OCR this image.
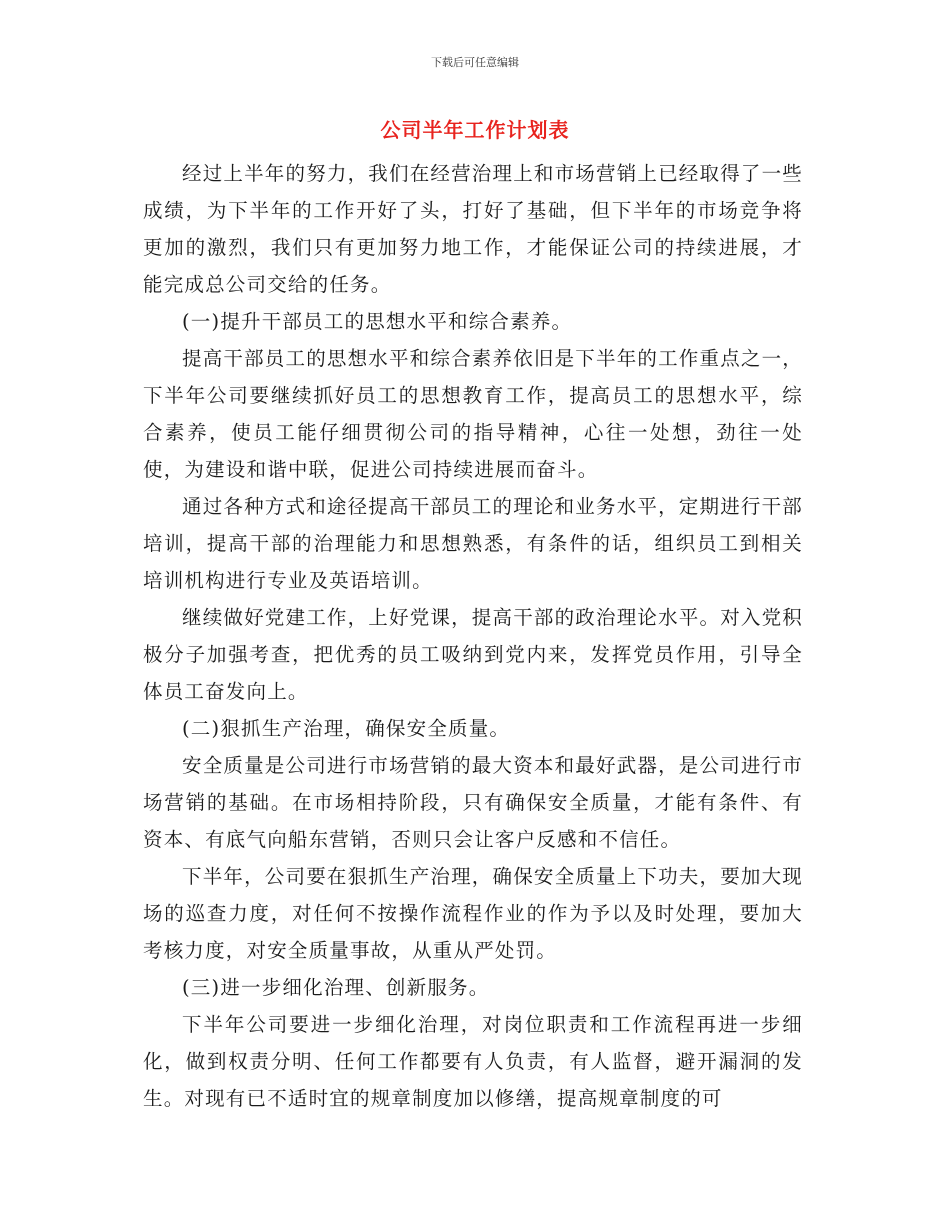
下载后可任意编辑
公司半年工作计划表

经过上半年的努力，我们在经营治理上和市场营销上已经取得了一些成绩，为下半年的工作开好了头，打好了基础，但下半年的市场竞争将更加的激烈，我们只有更加努力地工作，才能保证公司的持续进展，才能完成总公司交给的任务。

(一)提升干部员工的思想水平和综合素养。

提高干部员工的思想水平和综合素养依旧是下半年的工作重点之一，下半年公司要继续抓好员工的思想教育工作，提高员工的思想水平，综合素养，使员工能仔细贯彻公司的指导精神，心往一处想，劲往一处使，为建设和谐中联，促进公司持续进展而奋斗。

通过各种方式和途径提高干部员工的理论和业务水平，定期进行干部培训，提高干部的治理能力和思想熟悉，有条件的话，组织员工到相关培训机构进行专业及英语培训。

继续做好党建工作，上好党课，提高干部的政治理论水平。对入党积极分子加强考查，把优秀的员工吸纳到党内来，发挥党员作用，引导全体员工奋发向上。

(二)狠抓生产治理，确保安全质量。

安全质量是公司进行市场营销的最大资本和最好武器，是公司进行市场营销的基础。在市场相持阶段，只有确保安全质量，才能有条件、有资本、有底气向船东营销，否则只会让客户反感和不信任。

下半年，公司要在狠抓生产治理，确保安全质量上下功夫，要加大现场的巡查力度，对任何不按操作流程作业的作为予以及时处理，要加大考核力度，对安全质量事故，从重从严处罚。

(三)进一步细化治理、创新服务。

下半年公司要进一步细化治理，对岗位职责和工作流程再进一步细化，做到权责分明、任何工作都要有人负责，有人监督，避开漏洞的发生。对现有已不适时宜的规章制度加以修缮，提高规章制度的可
